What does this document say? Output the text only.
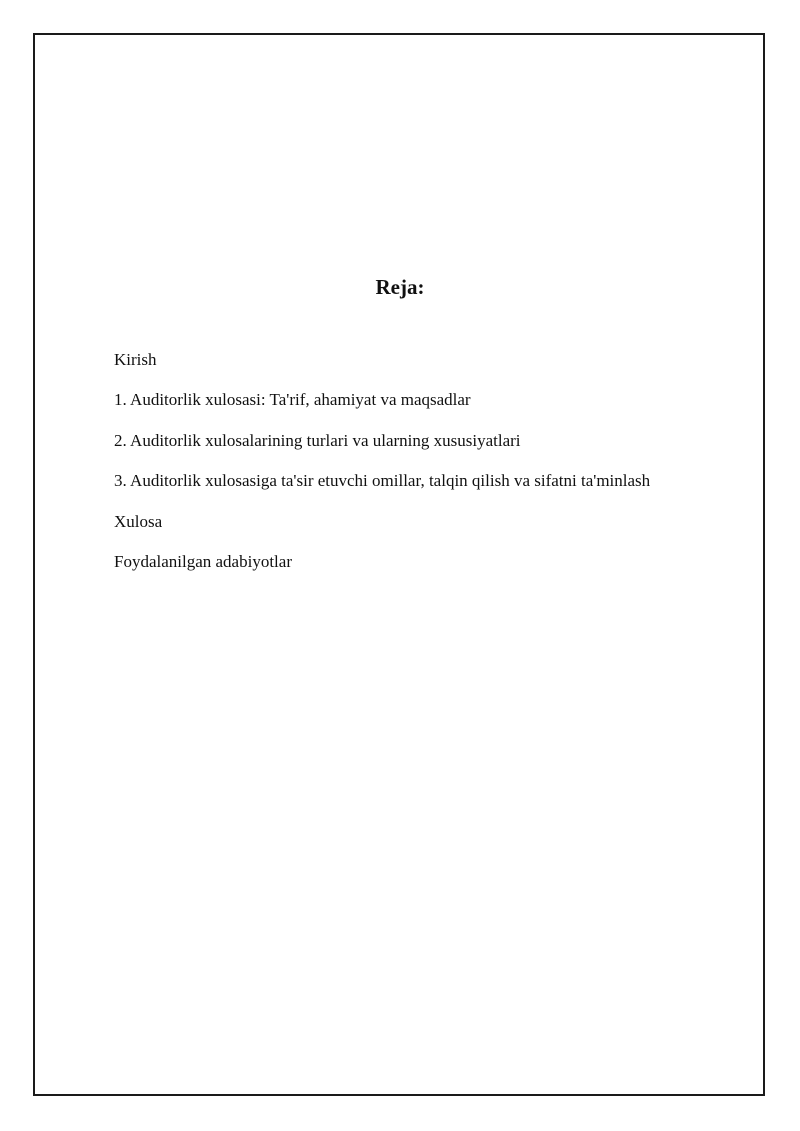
Reja:
Kirish
1. Auditorlik xulosasi: Ta'rif, ahamiyat va maqsadlar
2. Auditorlik xulosalarining turlari va ularning xususiyatlari
3. Auditorlik xulosasiga ta'sir etuvchi omillar, talqin qilish va sifatni ta'minlash
Xulosa
Foydalanilgan adabiyotlar
